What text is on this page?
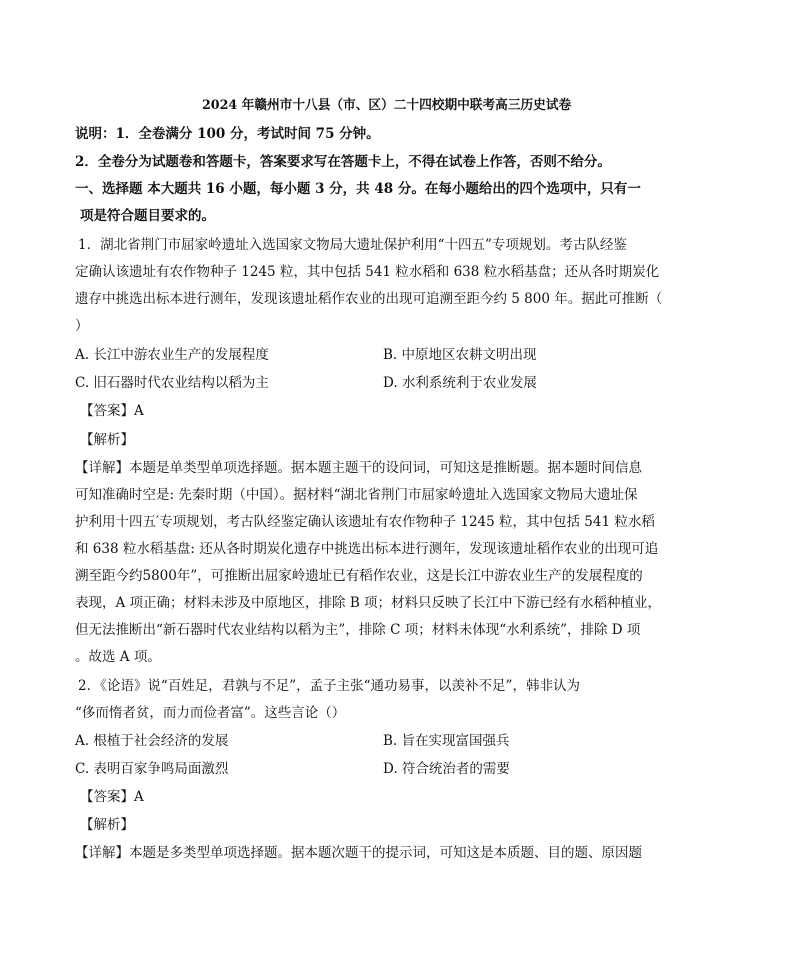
2024 年赣州市十八县（市、区）二十四校期中联考高三历史试卷
说明：1．全卷满分 100 分，考试时间 75 分钟。
2．全卷分为试题卷和答题卡，答案要求写在答题卡上，不得在试卷上作答，否则不给分。
一、选择题 本大题共 16 小题，每小题 3 分，共 48 分。在每小题给出的四个选项中，只有一
项是符合题目要求的。
1．湖北省荆门市屈家岭遗址入选国家文物局大遗址保护利用“十四五”专项规划。考古队经鉴
定确认该遗址有农作物种子 1245 粒，其中包括 541 粒水稻和 638 粒水稻基盘；还从各时期炭化
遗存中挑选出标本进行测年，发现该遗址稻作农业的出现可追溯至距今约 5 800 年。据此可推断（
）
A. 长江中游农业生产的发展程度	B. 中原地区农耕文明出现
C. 旧石器时代农业结构以稻为主	D. 水利系统利于农业发展
【答案】A
【解析】
【详解】本题是单类型单项选择题。据本题主题干的设问词，可知这是推断题。据本题时间信息
可知准确时空是: 先秦时期（中国）。据材料“湖北省荆门市屈家岭遗址入选国家文物局大遗址保
护利用十四五′专项规划，考古队经鉴定确认该遗址有农作物种子 1245 粒，其中包括 541 粒水稻
和 638 粒水稻基盘: 还从各时期炭化遗存中挑选出标本进行测年，发现该遗址稻作农业的出现可追
溯至距今约5800年”，可推断出屈家岭遗址已有稻作农业，这是长江中游农业生产的发展程度的
表现，A 项正确；材料未涉及中原地区，排除 B 项；材料只反映了长江中下游已经有水稻种植业，
但无法推断出“新石器时代农业结构以稻为主”，排除 C 项；材料未体现“水利系统”，排除 D 项
。故选 A 项。
2．《论语》说“百姓足，君孰与不足”，孟子主张“通功易事，以羡补不足”，韩非认为
“侈而惰者贫，而力而俭者富”。这些言论（）
A. 根植于社会经济的发展	B. 旨在实现富国强兵
C. 表明百家争鸣局面激烈	D. 符合统治者的需要
【答案】A
【解析】
【详解】本题是多类型单项选择题。据本题次题干的提示词，可知这是本质题、目的题、原因题
